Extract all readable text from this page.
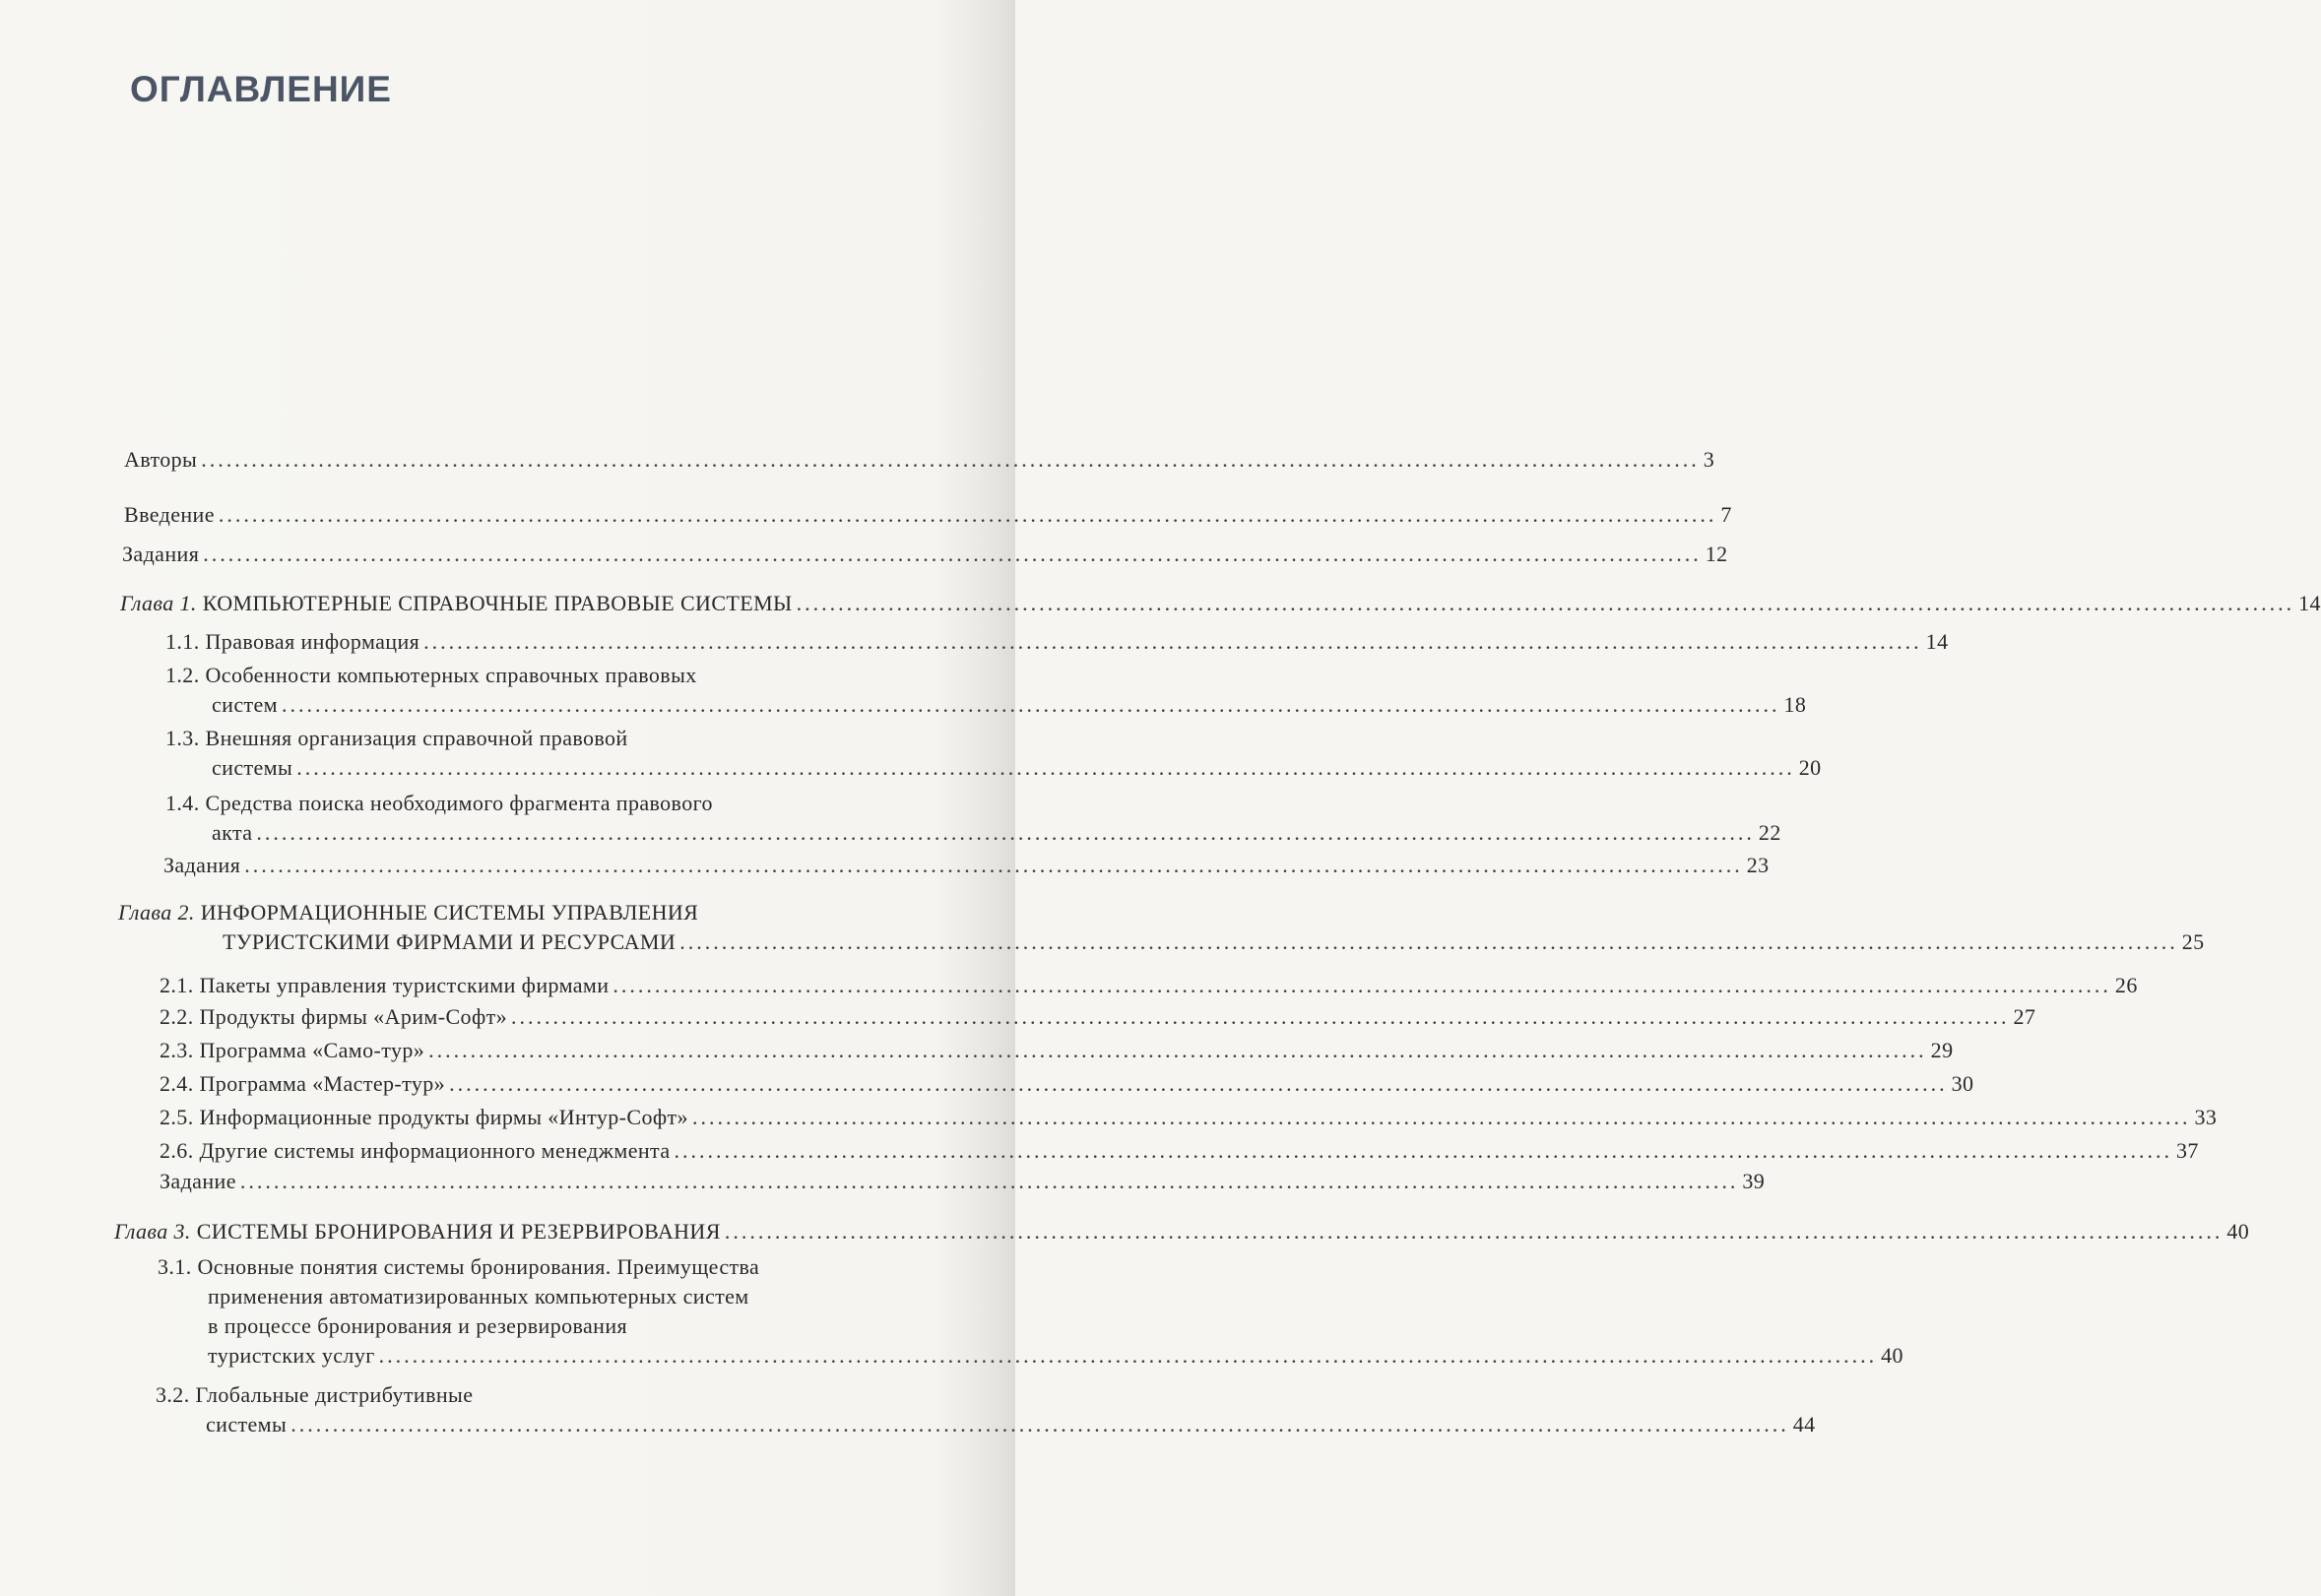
ОГЛАВЛЕНИЕ
Авторы ................................................................................................................................................................................... 3
Введение ................................................................................................................................................................................... 7
Задания ................................................................................................................................................................................... 12
Глава 1. КОМПЬЮТЕРНЫЕ СПРАВОЧНЫЕ ПРАВОВЫЕ СИСТЕМЫ ................................................................................................................................................................................... 14
1.1. Правовая информация ................................................................................................................................................................................... 14
1.2. Особенности компьютерных справочных правовых
систем ................................................................................................................................................................................... 18
1.3. Внешняя организация справочной правовой
системы ................................................................................................................................................................................... 20
1.4. Средства поиска необходимого фрагмента правового
акта ................................................................................................................................................................................... 22
Задания ................................................................................................................................................................................... 23
Глава 2. ИНФОРМАЦИОННЫЕ СИСТЕМЫ УПРАВЛЕНИЯ
ТУРИСТСКИМИ ФИРМАМИ И РЕСУРСАМИ ................................................................................................................................................................................... 25
2.1. Пакеты управления туристскими фирмами ................................................................................................................................................................................... 26
2.2. Продукты фирмы «Арим-Софт» ................................................................................................................................................................................... 27
2.3. Программа «Само-тур» ................................................................................................................................................................................... 29
2.4. Программа «Мастер-тур» ................................................................................................................................................................................... 30
2.5. Информационные продукты фирмы «Интур-Софт» ................................................................................................................................................................................... 33
2.6. Другие системы информационного менеджмента ................................................................................................................................................................................... 37
Задание ................................................................................................................................................................................... 39
Глава 3. СИСТЕМЫ БРОНИРОВАНИЯ И РЕЗЕРВИРОВАНИЯ ................................................................................................................................................................................... 40
3.1. Основные понятия системы бронирования. Преимущества
применения автоматизированных компьютерных систем
в процессе бронирования и резервирования
туристских услуг ................................................................................................................................................................................... 40
3.2. Глобальные дистрибутивные
системы ................................................................................................................................................................................... 44
